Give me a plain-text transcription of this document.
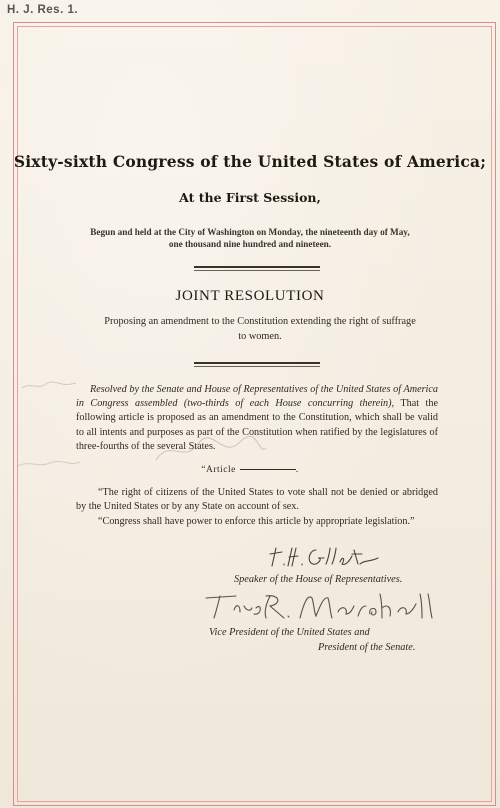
H. J. Res. 1.
Sixty-sixth Congress of the United States of America;
At the First Session,
Begun and held at the City of Washington on Monday, the nineteenth day of May,
one thousand nine hundred and nineteen.
JOINT RESOLUTION
Proposing an amendment to the Constitution extending the right of suffrage
to women.
Resolved by the Senate and House of Representatives of the United States of America in Congress assembled (two-thirds of each House concurring therein), That the following article is proposed as an amendment to the Constitution, which shall be valid to all intents and purposes as part of the Constitution when ratified by the legislatures of three-fourths of the several States.
“Article	.
“The right of citizens of the United States to vote shall not be denied or abridged by the United States or by any State on account of sex.
“Congress shall have power to enforce this article by appropriate legislation.”
Speaker of the House of Representatives.
Vice President of the United States and
President of the Senate.
